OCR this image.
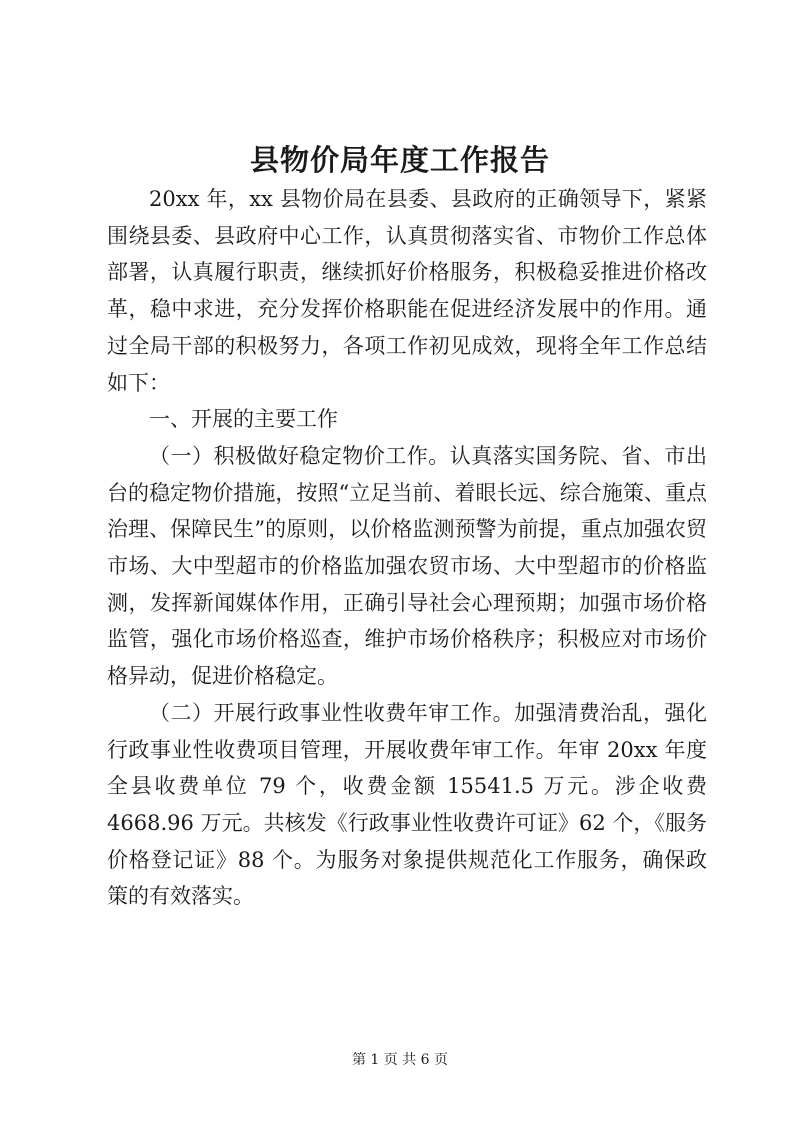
县物价局年度工作报告

20xx 年，xx 县物价局在县委、县政府的正确领导下，紧紧围绕县委、县政府中心工作，认真贯彻落实省、市物价工作总体部署，认真履行职责，继续抓好价格服务，积极稳妥推进价格改革，稳中求进，充分发挥价格职能在促进经济发展中的作用。通过全局干部的积极努力，各项工作初见成效，现将全年工作总结如下：

一、开展的主要工作

（一）积极做好稳定物价工作。认真落实国务院、省、市出台的稳定物价措施，按照“立足当前、着眼长远、综合施策、重点治理、保障民生”的原则，以价格监测预警为前提，重点加强农贸市场、大中型超市的价格监加强农贸市场、大中型超市的价格监测，发挥新闻媒体作用，正确引导社会心理预期；加强市场价格监管，强化市场价格巡查，维护市场价格秩序；积极应对市场价格异动，促进价格稳定。

（二）开展行政事业性收费年审工作。加强清费治乱，强化行政事业性收费项目管理，开展收费年审工作。年审 20xx 年度全县收费单位 79 个，收费金额 15541.5 万元。涉企收费 4668.96 万元。共核发《行政事业性收费许可证》62 个，《服务价格登记证》88 个。为服务对象提供规范化工作服务，确保政策的有效落实。

第 1 页 共 6 页
